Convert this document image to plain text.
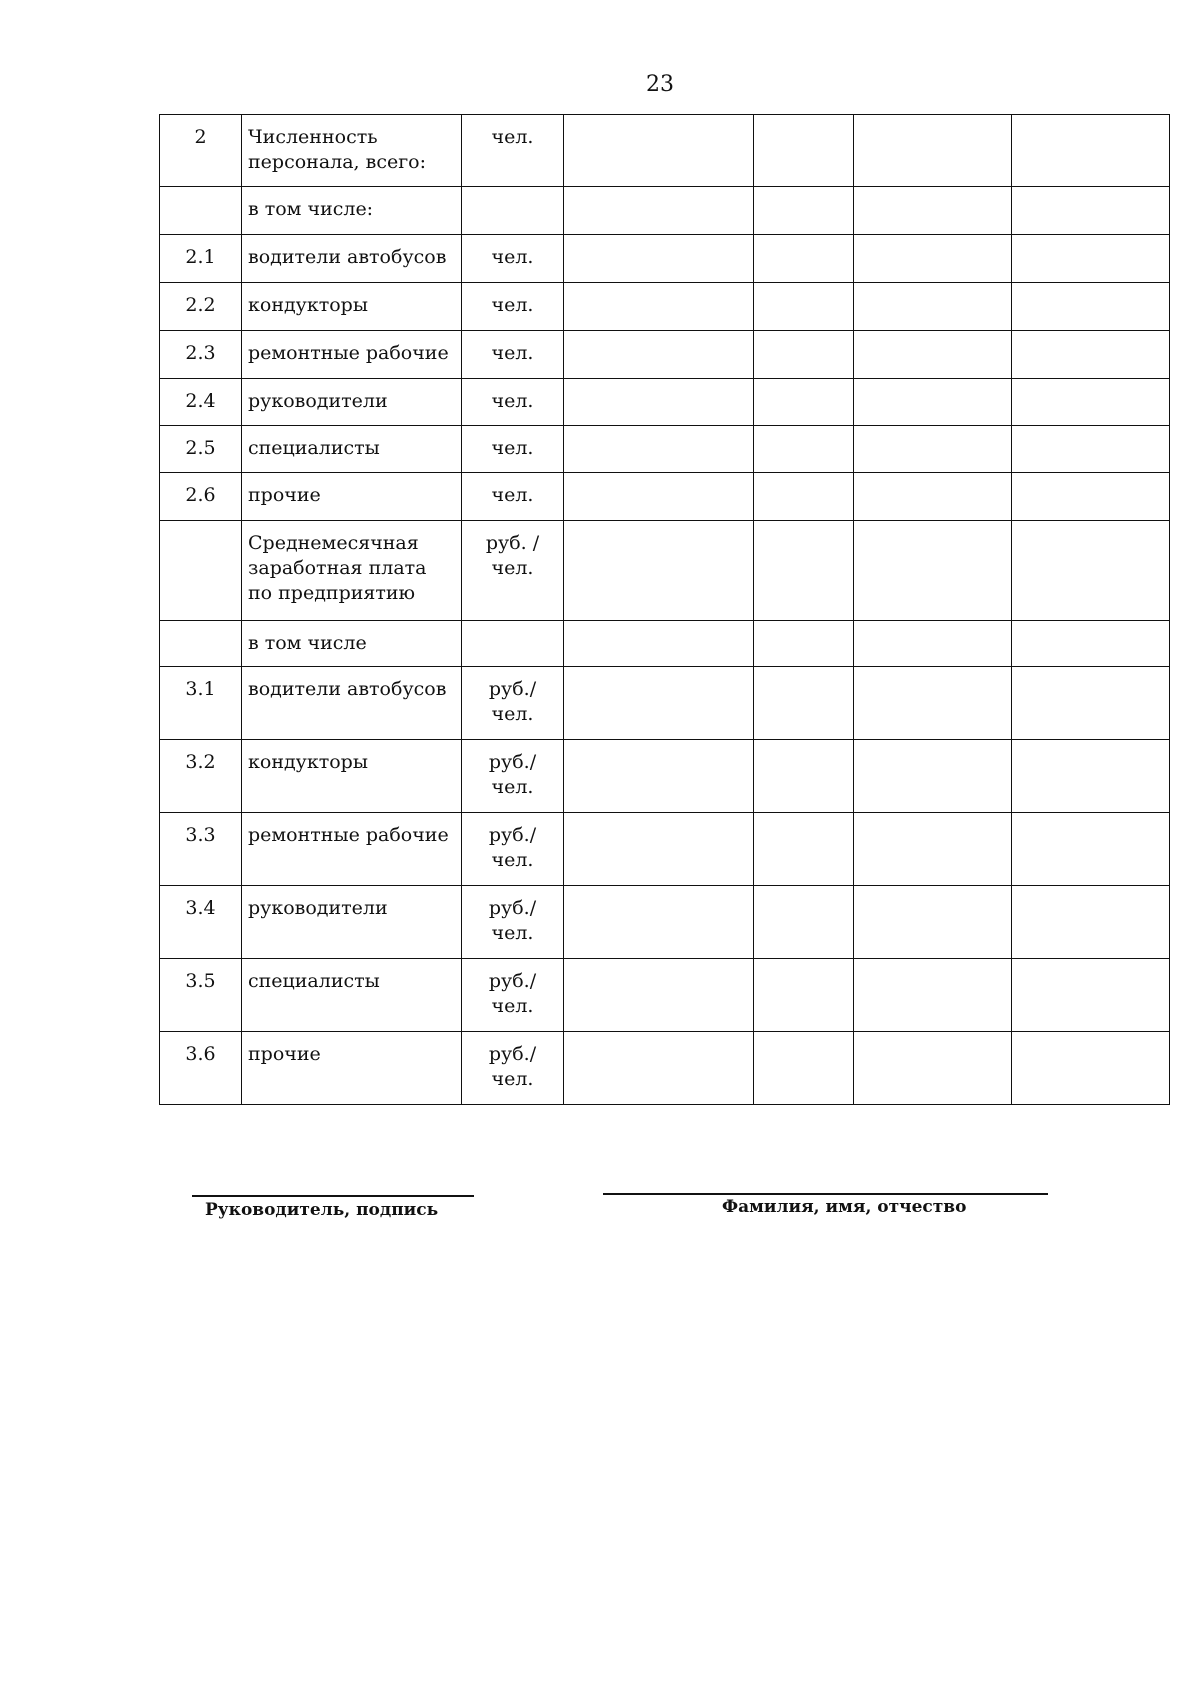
23
2	Численность персонала, всего:	чел.				
	в том числе:					
2.1	водители автобусов	чел.				
2.2	кондукторы	чел.				
2.3	ремонтные рабочие	чел.				
2.4	руководители	чел.				
2.5	специалисты	чел.				
2.6	прочие	чел.				
	Среднемесячная заработная плата по предприятию	руб. /чел.				
	в том числе					
3.1	водители автобусов	руб./ чел.				
3.2	кондукторы	руб./ чел.				
3.3	ремонтные рабочие	руб./ чел.				
3.4	руководители	руб./ чел.				
3.5	специалисты	руб./ чел.				
3.6	прочие	руб./ чел.				
Руководитель, подпись	Фамилия, имя, отчество
